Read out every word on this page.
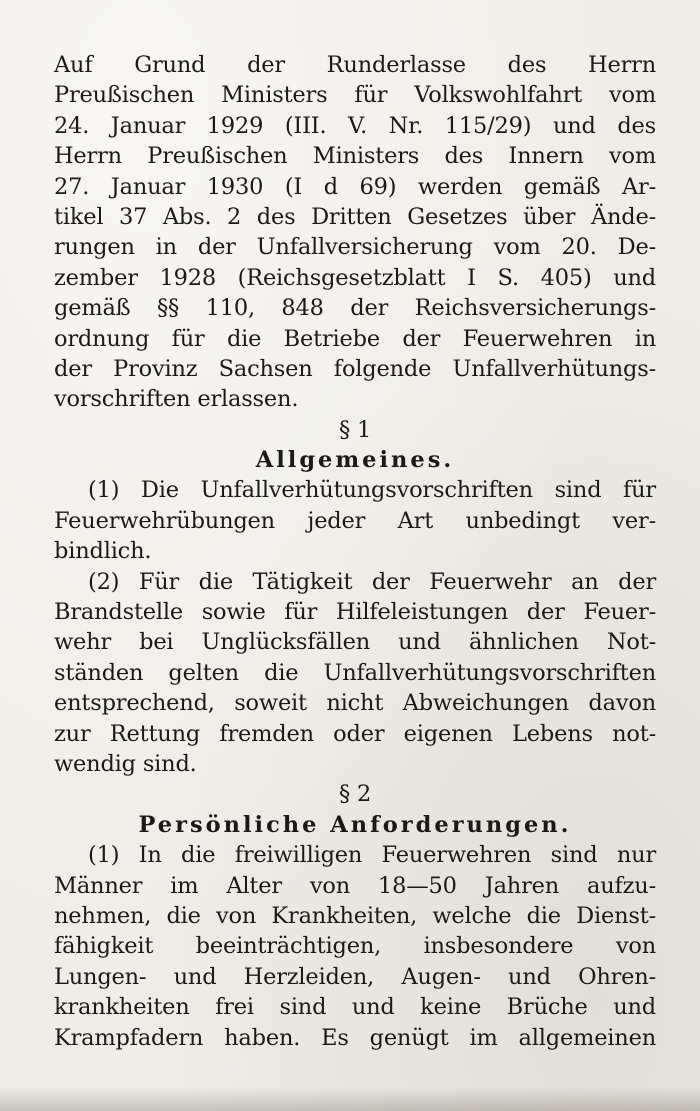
Auf Grund der Runderlasse des Herrn
Preußischen Ministers für Volkswohlfahrt vom
24. Januar 1929 (III. V. Nr. 115/29) und des
Herrn Preußischen Ministers des Innern vom
27. Januar 1930 (I d 69) werden gemäß Ar-
tikel 37 Abs. 2 des Dritten Gesetzes über Ände-
rungen in der Unfallversicherung vom 20. De-
zember 1928 (Reichsgesetzblatt I S. 405) und
gemäß §§ 110, 848 der Reichsversicherungs-
ordnung für die Betriebe der Feuerwehren in
der Provinz Sachsen folgende Unfallverhütungs-
vorschriften erlassen.
§ 1
Allgemeines.
(1) Die Unfallverhütungsvorschriften sind für
Feuerwehrübungen jeder Art unbedingt ver-
bindlich.
(2) Für die Tätigkeit der Feuerwehr an der
Brandstelle sowie für Hilfeleistungen der Feuer-
wehr bei Unglücksfällen und ähnlichen Not-
ständen gelten die Unfallverhütungsvorschriften
entsprechend, soweit nicht Abweichungen davon
zur Rettung fremden oder eigenen Lebens not-
wendig sind.
§ 2
Persönliche Anforderungen.
(1) In die freiwilligen Feuerwehren sind nur
Männer im Alter von 18—50 Jahren aufzu-
nehmen, die von Krankheiten, welche die Dienst-
fähigkeit beeinträchtigen, insbesondere von
Lungen- und Herzleiden, Augen- und Ohren-
krankheiten frei sind und keine Brüche und
Krampfadern haben. Es genügt im allgemeinen
